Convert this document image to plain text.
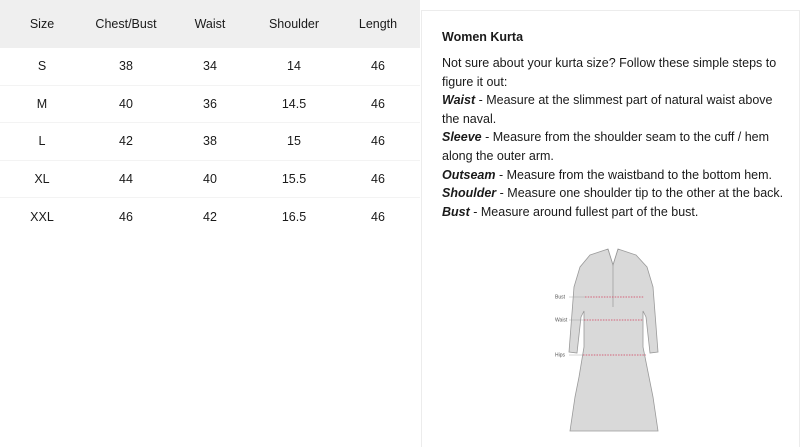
Size	Chest/Bust	Waist	Shoulder	Length
S	38	34	14	46
M	40	36	14.5	46
L	42	38	15	46
XL	44	40	15.5	46
XXL	46	42	16.5	46

Women Kurta

Not sure about your kurta size? Follow these simple steps to figure it out:

Waist - Measure at the slimmest part of natural waist above the naval.

Sleeve - Measure from the shoulder seam to the cuff / hem along the outer arm.

Outseam - Measure from the waistband to the bottom hem.

Shoulder - Measure one shoulder tip to the other at the back.

Bust - Measure around fullest part of the bust.

Bust
Waist
Hips
